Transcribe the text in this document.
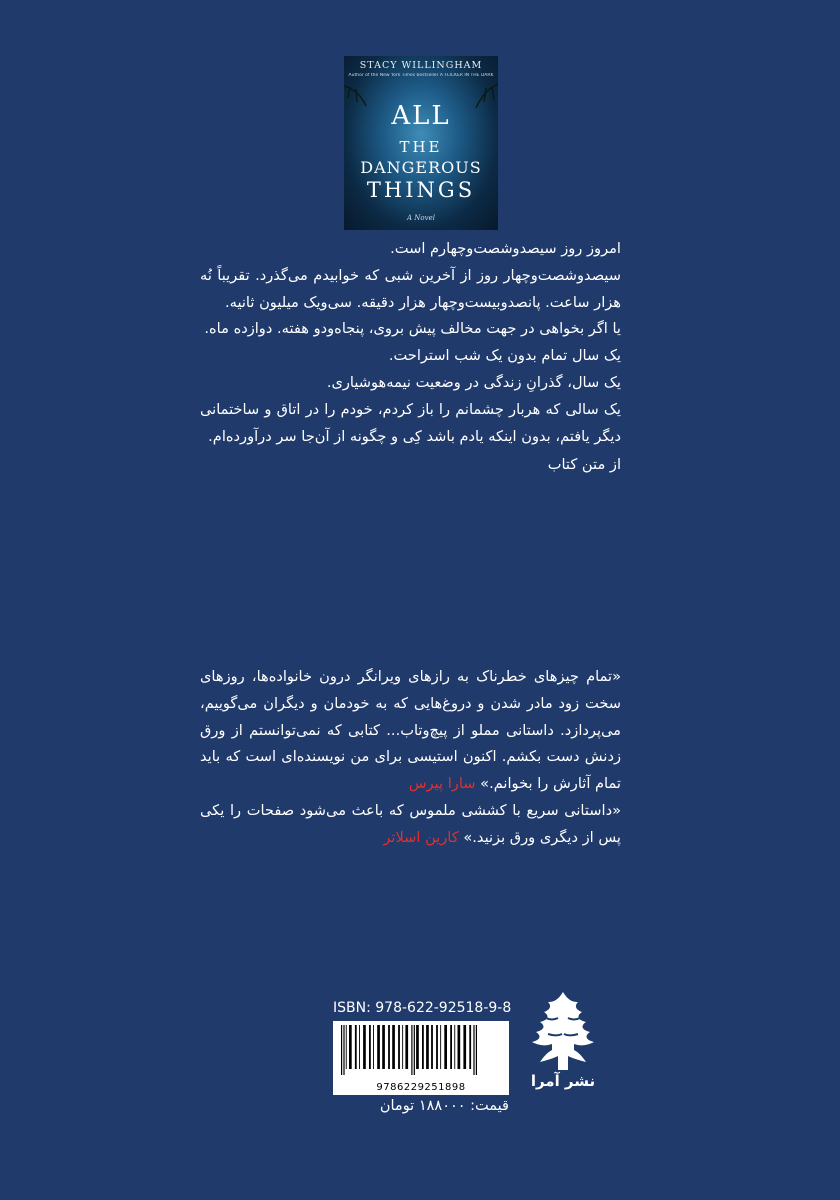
STACY WILLINGHAM
Author of the New York Times bestseller A FLICKER IN THE DARK
ALL
THE
DANGEROUS
THINGS
A Novel

امروز روز سیصدوشصت‌وچهارم است.

سیصدوشصت‌وچهار روز از آخرین شبی که خوابیدم می‌گذرد. تقریباً نُه هزار ساعت. پانصدوبیست‌وچهار هزار دقیقه. سی‌ویک میلیون ثانیه.

یا اگر بخواهی در جهت مخالف پیش بروی، پنجاه‌ودو هفته. دوازده ماه.

یک سال تمام بدون یک شب استراحت.

یک سال، گذرانِ زندگی در وضعیت نیمه‌هوشیاری.

یک سالی که هربار چشمانم را باز کردم، خودم را در اتاق و ساختمانی دیگر یافتم، بدون اینکه یادم باشد کِی و چگونه از آن‌جا سر درآورده‌ام.

از متن کتاب

«تمام چیزهای خطرناک به رازهای ویرانگر درون خانواده‌ها، روزهای سخت زود مادر شدن و دروغ‌هایی که به خودمان و دیگران می‌گوییم، می‌پردازد. داستانی مملو از پیچ‌وتاب... کتابی که نمی‌توانستم از ورق زدنش دست بکشم. اکنون استیسی برای من نویسنده‌ای است که باید تمام آثارش را بخوانم.» سارا پیرس

«داستانی سریع با کششی ملموس که باعث می‌شود صفحات را یکی پس از دیگری ورق بزنید.» کارین اسلاتر

ISBN: 978-622-92518-9-8
9786229251898
قیمت: ۱۸۸۰۰۰ تومان
نشر آمرا
